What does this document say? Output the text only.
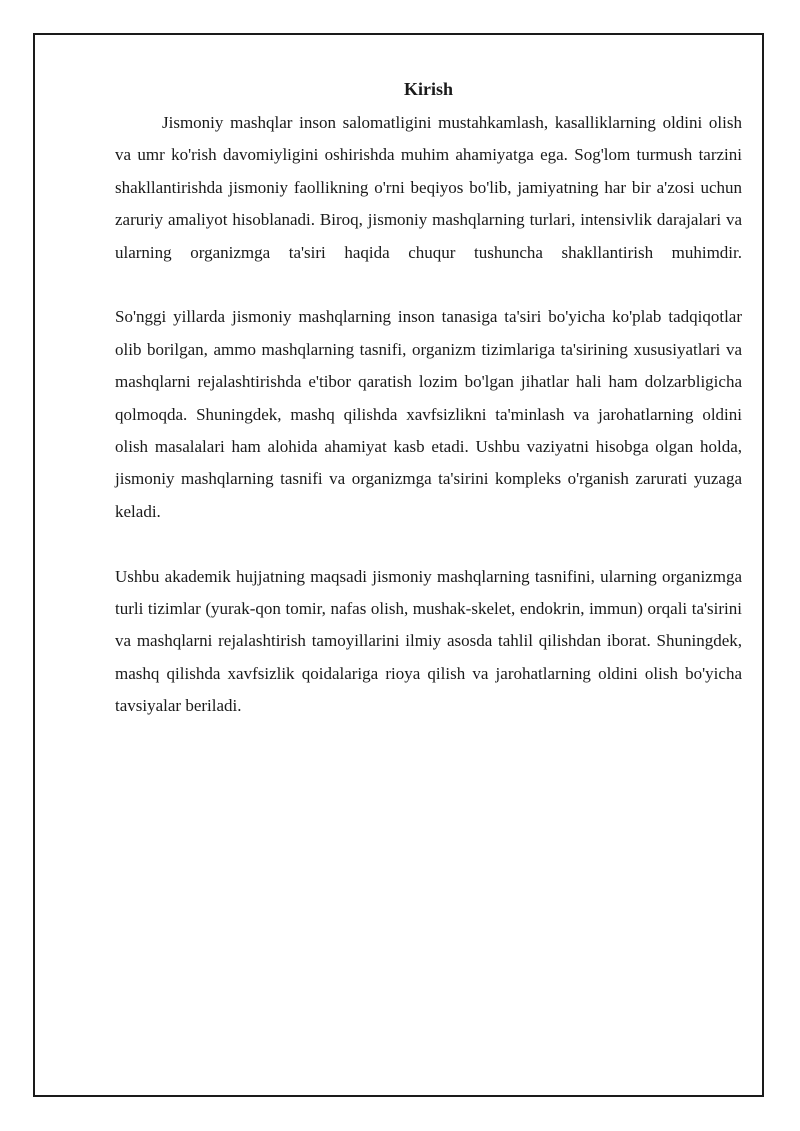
Kirish

Jismoniy mashqlar inson salomatligini mustahkamlash, kasalliklarning oldini olish va umr ko'rish davomiyligini oshirishda muhim ahamiyatga ega. Sog'lom turmush tarzini shakllantirishda jismoniy faollikning o'rni beqiyos bo'lib, jamiyatning har bir a'zosi uchun zaruriy amaliyot hisoblanadi. Biroq, jismoniy mashqlarning turlari, intensivlik darajalari va ularning organizmga ta'siri haqida chuqur tushuncha shakllantirish muhimdir.

So'nggi yillarda jismoniy mashqlarning inson tanasiga ta'siri bo'yicha ko'plab tadqiqotlar olib borilgan, ammo mashqlarning tasnifi, organizm tizimlariga ta'sirining xususiyatlari va mashqlarni rejalashtirishda e'tibor qaratish lozim bo'lgan jihatlar hali ham dolzarbligicha qolmoqda. Shuningdek, mashq qilishda xavfsizlikni ta'minlash va jarohatlarning oldini olish masalalari ham alohida ahamiyat kasb etadi. Ushbu vaziyatni hisobga olgan holda, jismoniy mashqlarning tasnifi va organizmga ta'sirini kompleks o'rganish zarurati yuzaga keladi.

Ushbu akademik hujjatning maqsadi jismoniy mashqlarning tasnifini, ularning organizmga turli tizimlar (yurak-qon tomir, nafas olish, mushak-skelet, endokrin, immun) orqali ta'sirini va mashqlarni rejalashtirish tamoyillarini ilmiy asosda tahlil qilishdan iborat. Shuningdek, mashq qilishda xavfsizlik qoidalariga rioya qilish va jarohatlarning oldini olish bo'yicha tavsiyalar beriladi.
